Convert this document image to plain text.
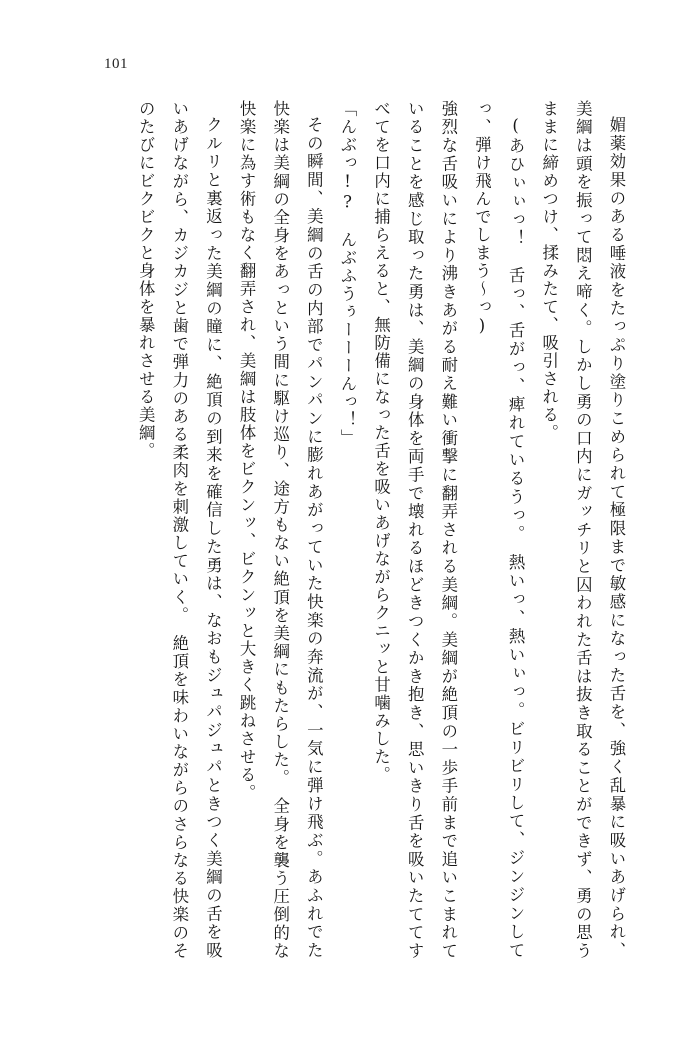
101

媚薬効果のある唾液をたっぷり塗りこめられて極限まで敏感になった舌を、強く乱暴に吸いあげられ、美綱は頭を振って悶え啼く。しかし勇の口内にガッチリと囚われた舌は抜き取ることができず、勇の思うままに締めつけ、揉みたて、吸引される。

(あひぃぃっ！　舌っ、舌がっ、痺れているうっ。　熱いっ、熱いぃっ。ビリビリして、ジンジンしてっ、弾け飛んでしまう〜っ)

強烈な舌吸いにより沸きあがる耐え難い衝撃に翻弄される美綱。美綱が絶頂の一歩手前まで追いこまれていることを感じ取った勇は、美綱の身体を両手で壊れるほどきつくかき抱き、思いきり舌を吸いたててすべてを口内に捕らえると、無防備になった舌を吸いあげながらクニッと甘噛みした。

「んぶっ!?　んぶふうぅーーーんっ！」

その瞬間、美綱の舌の内部でパンパンに膨れあがっていた快楽の奔流が、一気に弾け飛ぶ。あふれでた快楽は美綱の全身をあっという間に駆け巡り、途方もない絶頂を美綱にもたらした。　全身を襲う圧倒的な快楽に為す術もなく翻弄され、美綱は肢体をビクンッ、ビクンッと大きく跳ねさせる。

クルリと裏返った美綱の瞳に、絶頂の到来を確信した勇は、なおもジュパジュパときつく美綱の舌を吸いあげながら、カジカジと歯で弾力のある柔肉を刺激していく。　絶頂を味わいながらのさらなる快楽のそのたびにビクビクと身体を暴れさせる美綱。
